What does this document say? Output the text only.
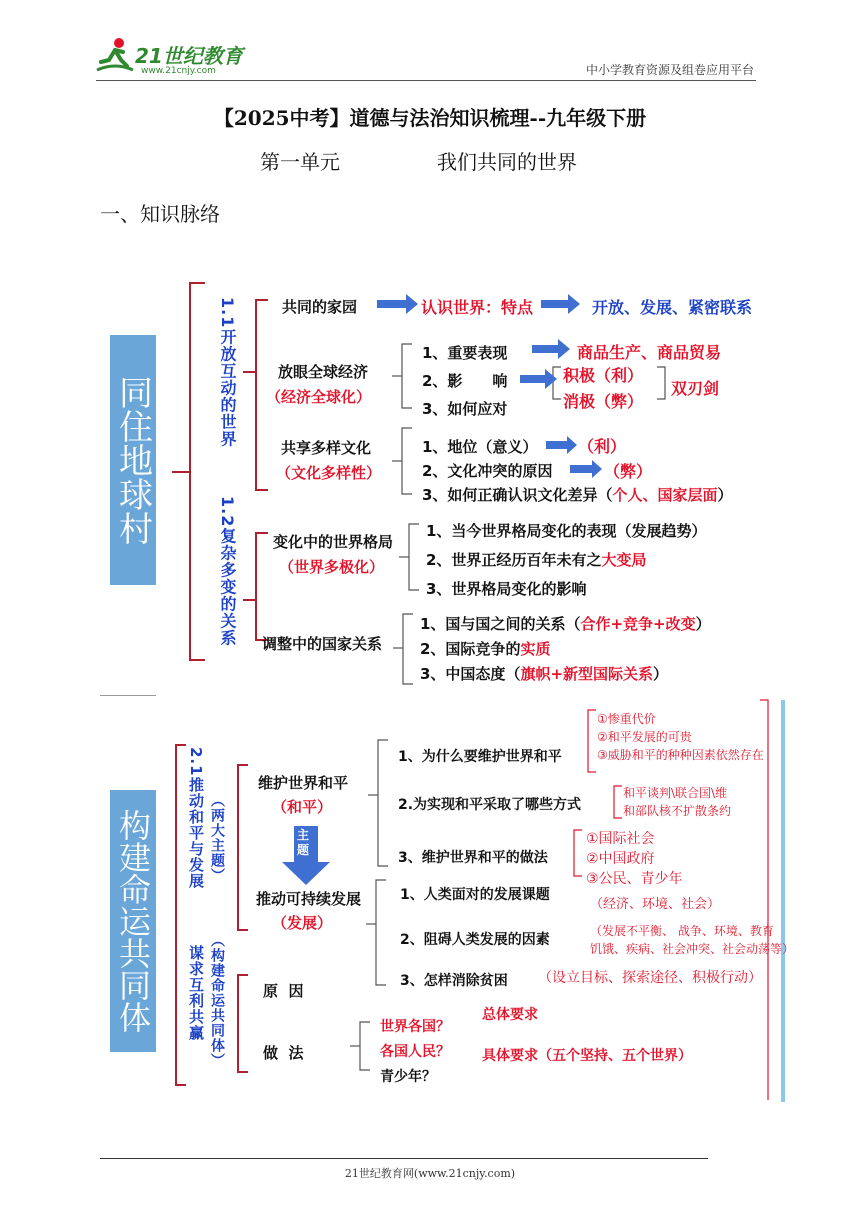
21世纪教育
www.21cnjy.com	中小学教育资源及组卷应用平台
【2025中考】道德与法治知识梳理--九年级下册
第一单元	我们共同的世界
一、知识脉络
同住地球村
1.1开放互动的世界
1.2复杂多变的关系
共同的家园	认识世界：特点	开放、发展、紧密联系
放眼全球经济
（经济全球化）
1、重要表现	商品生产、商品贸易
2、影　　响	积极（利）
消极（弊）
双刃剑
3、如何应对
共享多样文化
（文化多样性）
1、地位（意义）	（利）
2、文化冲突的原因	（弊）
3、如何正确认识文化差异（个人、国家层面）
变化中的世界格局
（世界多极化）
1、当今世界格局变化的表现（发展趋势）
2、世界正经历百年未有之大变局
3、世界格局变化的影响
调整中的国家关系
1、国与国之间的关系（合作+竞争+改变）
2、国际竞争的实质
3、中国态度（旗帜+新型国际关系）
构建命运共同体 2.1推动和平与发展 （两大主题）
谋求互利共赢 （构建命运共同体）
维护世界和平
（和平）
主题
1、为什么要维护世界和平
①惨重代价
②和平发展的可贵
③威胁和平的种种因素依然存在
2.为实现和平采取了哪些方式
和平谈判\联合国\维
和部队核不扩散条约
3、维护世界和平的做法
①国际社会
②中国政府
③公民、青少年
推动可持续发展
（发展）
1、人类面对的发展课题
（经济、环境、社会）
2、阻碍人类发展的因素
（发展不平衡、 战争、环境、教育
饥饿、疾病、社会冲突、社会动荡等）
3、怎样消除贫困 （设立目标、探索途径、积极行动）
原  因
做  法
世界各国？
各国人民？
青少年？
总体要求
具体要求（五个坚持、五个世界）
21世纪教育网(www.21cnjy.com)
